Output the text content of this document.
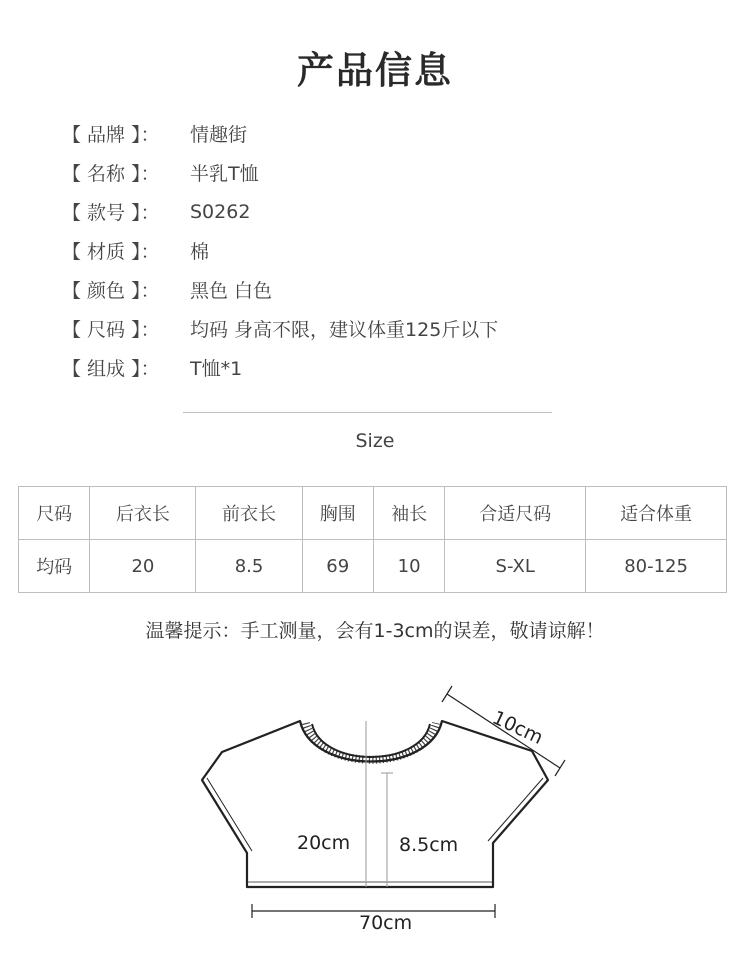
产品信息
【 品牌 】：	情趣街
【 名称 】：	半乳T恤
【 款号 】：	S0262
【 材质 】：	棉
【 颜色 】：	黑色 白色
【 尺码 】：	均码 身高不限，建议体重125斤以下
【 组成 】：	T恤*1
Size
尺码	后衣长	前衣长	胸围	袖长	合适尺码	适合体重
均码	20	8.5	69	10	S-XL	80-125
温馨提示：手工测量，会有1-3cm的误差，敬请谅解！
10cm
20cm	8.5cm
70cm
